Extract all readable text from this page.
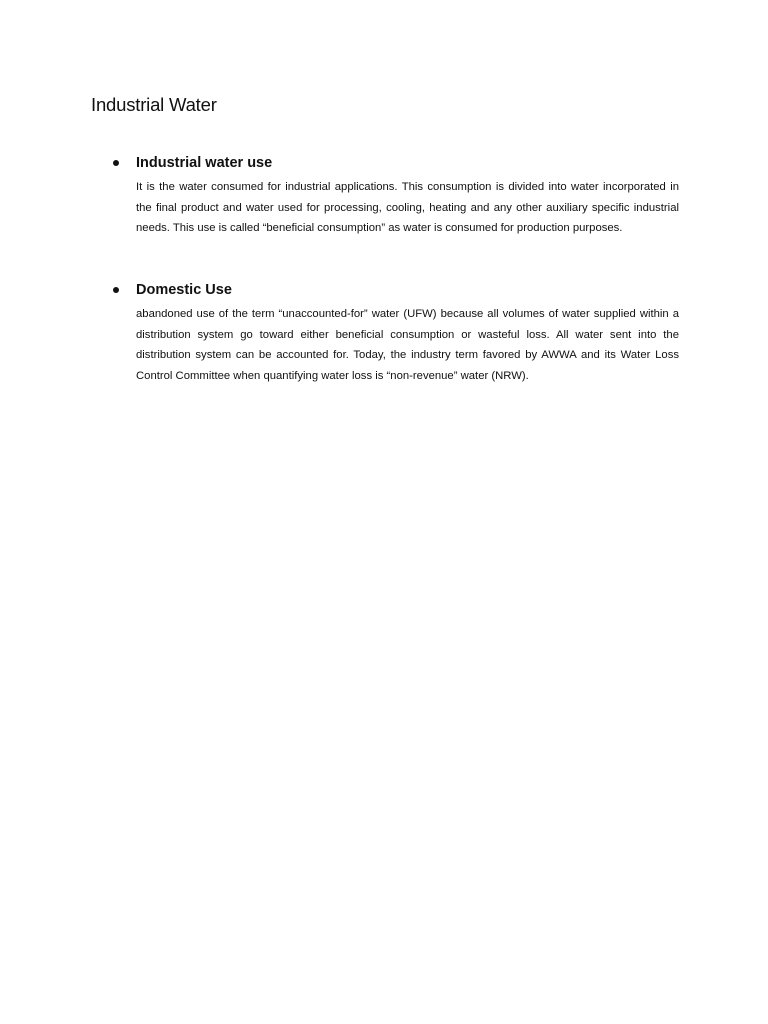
Industrial Water
Industrial water use

It is the water consumed for industrial applications. This consumption is divided into water incorporated in the final product and water used for processing, cooling, heating and any other auxiliary specific industrial needs. This use is called “beneficial consumption” as water is consumed for production purposes.

Domestic Use

abandoned use of the term “unaccounted-for” water (UFW) because all volumes of water supplied within a distribution system go toward either beneficial consumption or wasteful loss. All water sent into the distribution system can be accounted for. Today, the industry term favored by AWWA and its Water Loss Control Committee when quantifying water loss is “non-revenue” water (NRW).
